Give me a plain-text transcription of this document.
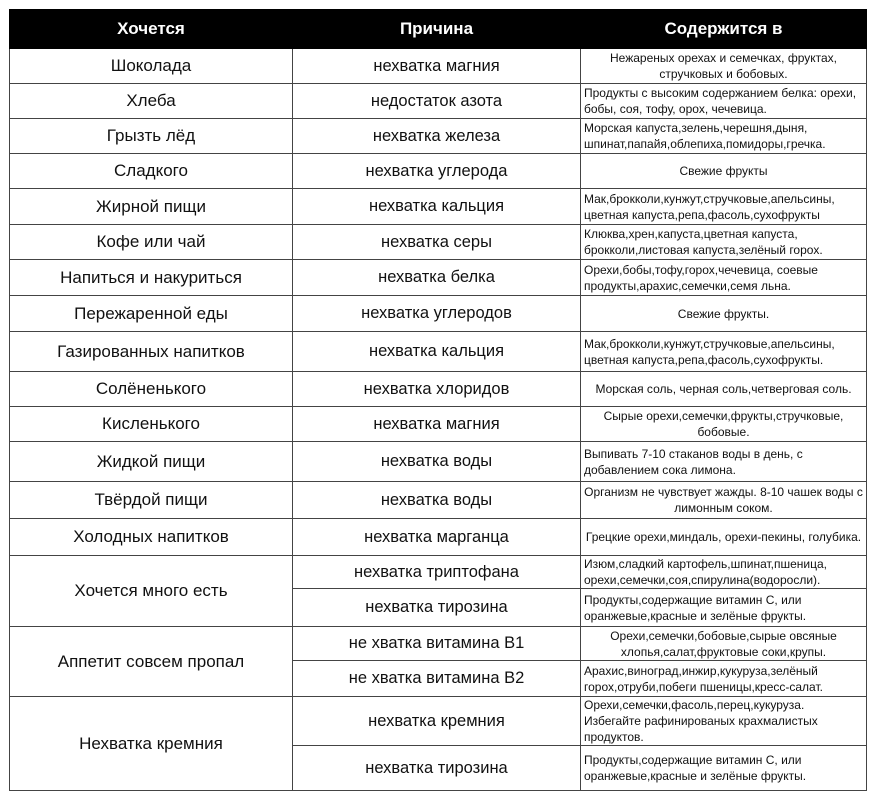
Хочется	Причина	Содержится в
Шоколада	нехватка магния	Нежареных орехах и семечках, фруктах, стручковых и бобовых.
Хлеба	недостаток азота	Продукты с высоким содержанием белка: орехи, бобы, соя, тофу, орох, чечевица.
Грызть лёд	нехватка железа	Морская капуста,зелень,черешня,дыня, шпинат,папайя,облепиха,помидоры,гречка.
Сладкого	нехватка углерода	Свежие фрукты
Жирной пищи	нехватка кальция	Мак,брокколи,кунжут,стручковые,апельсины, цветная капуста,репа,фасоль,сухофрукты
Кофе или чай	нехватка серы	Клюква,хрен,капуста,цветная капуста, брокколи,листовая капуста,зелёный горох.
Напиться и накуриться	нехватка белка	Орехи,бобы,тофу,горох,чечевица, соевые продукты,арахис,семечки,семя льна.
Пережаренной еды	нехватка углеродов	Свежие фрукты.
Газированных напитков	нехватка кальция	Мак,брокколи,кунжут,стручковые,апельсины, цветная капуста,репа,фасоль,сухофрукты.
Солёненького	нехватка хлоридов	Морская соль, черная соль,четверговая соль.
Кисленького	нехватка магния	Сырые орехи,семечки,фрукты,стручковые, бобовые.
Жидкой пищи	нехватка воды	Выпивать 7-10 стаканов воды в день, с добавлением сока лимона.
Твёрдой пищи	нехватка воды	Организм не чувствует жажды. 8-10 чашек воды с лимонным соком.
Холодных напитков	нехватка марганца	Грецкие орехи,миндаль, орехи-пекины, голубика.
Хочется много есть	нехватка триптофана	Изюм,сладкий картофель,шпинат,пшеница, орехи,семечки,соя,спирулина(водоросли).
	нехватка тирозина	Продукты,содержащие витамин С, или оранжевые,красные и зелёные фрукты.
Аппетит совсем пропал	не хватка витамина B1	Орехи,семечки,бобовые,сырые овсяные хлопья,салат,фруктовые соки,крупы.
	не хватка витамина B2	Арахис,виноград,инжир,кукуруза,зелёный горох,отруби,побеги пшеницы,кресс-салат.
Нехватка кремния	нехватка кремния	Орехи,семечки,фасоль,перец,кукуруза. Избегайте рафинированых крахмалистых продуктов.
	нехватка тирозина	Продукты,содержащие витамин С, или оранжевые,красные и зелёные фрукты.
